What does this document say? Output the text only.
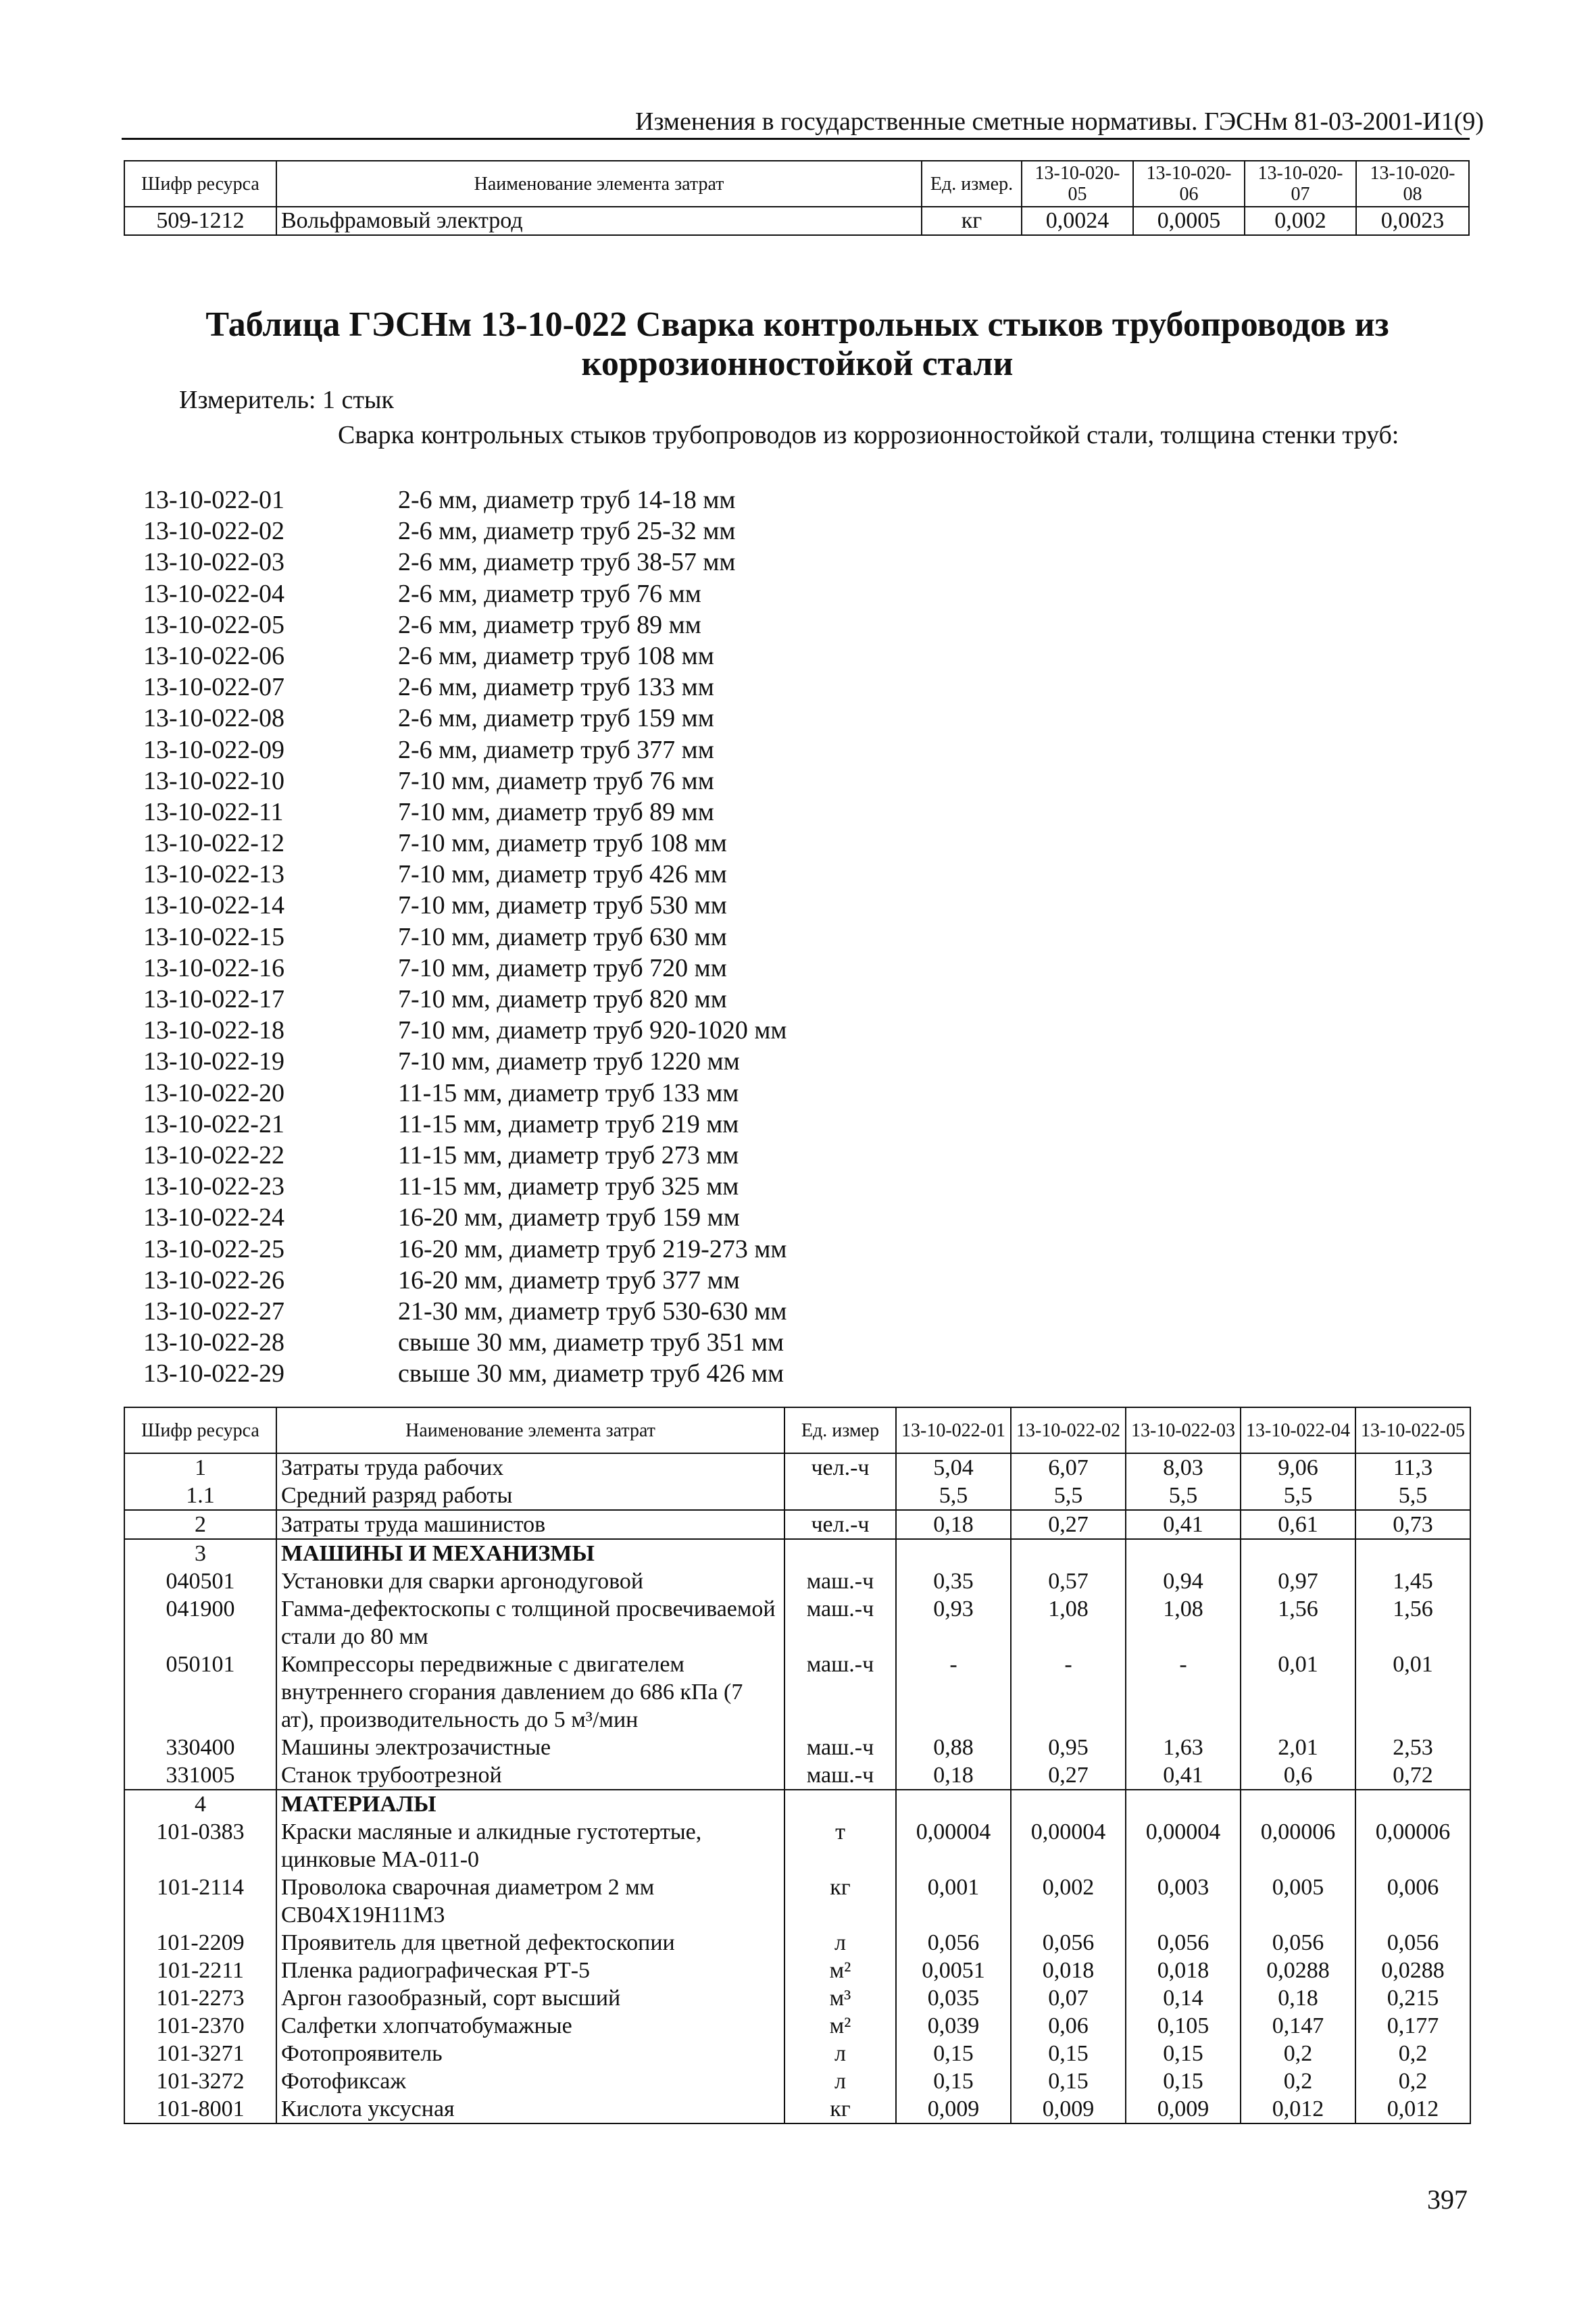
Изменения в государственные сметные нормативы. ГЭСНм 81-03-2001-И1(9)
Шифр ресурса	Наименование элемента затрат	Ед. измер.	13-10-020-05	13-10-020-06	13-10-020-07	13-10-020-08
509-1212	Вольфрамовый электрод	кг	0,0024	0,0005	0,002	0,0023
Таблица ГЭСНм 13-10-022 Сварка контрольных стыков трубопроводов из
коррозионностойкой стали
Измеритель: 1 стык
Сварка контрольных стыков трубопроводов из коррозионностойкой стали, толщина стенки труб:
13-10-022-01	2-6 мм, диаметр труб 14-18 мм
13-10-022-02	2-6 мм, диаметр труб 25-32 мм
13-10-022-03	2-6 мм, диаметр труб 38-57 мм
13-10-022-04	2-6 мм, диаметр труб 76 мм
13-10-022-05	2-6 мм, диаметр труб 89 мм
13-10-022-06	2-6 мм, диаметр труб 108 мм
13-10-022-07	2-6 мм, диаметр труб 133 мм
13-10-022-08	2-6 мм, диаметр труб 159 мм
13-10-022-09	2-6 мм, диаметр труб 377 мм
13-10-022-10	7-10 мм, диаметр труб 76 мм
13-10-022-11	7-10 мм, диаметр труб 89 мм
13-10-022-12	7-10 мм, диаметр труб 108 мм
13-10-022-13	7-10 мм, диаметр труб 426 мм
13-10-022-14	7-10 мм, диаметр труб 530 мм
13-10-022-15	7-10 мм, диаметр труб 630 мм
13-10-022-16	7-10 мм, диаметр труб 720 мм
13-10-022-17	7-10 мм, диаметр труб 820 мм
13-10-022-18	7-10 мм, диаметр труб 920-1020 мм
13-10-022-19	7-10 мм, диаметр труб 1220 мм
13-10-022-20	11-15 мм, диаметр труб 133 мм
13-10-022-21	11-15 мм, диаметр труб 219 мм
13-10-022-22	11-15 мм, диаметр труб 273 мм
13-10-022-23	11-15 мм, диаметр труб 325 мм
13-10-022-24	16-20 мм, диаметр труб 159 мм
13-10-022-25	16-20 мм, диаметр труб 219-273 мм
13-10-022-26	16-20 мм, диаметр труб 377 мм
13-10-022-27	21-30 мм, диаметр труб 530-630 мм
13-10-022-28	свыше 30 мм, диаметр труб 351 мм
13-10-022-29	свыше 30 мм, диаметр труб 426 мм
Шифр ресурса	Наименование элемента затрат	Ед. измер	13-10-022-01	13-10-022-02	13-10-022-03	13-10-022-04	13-10-022-05
1	Затраты труда рабочих	чел.-ч	5,04	6,07	8,03	9,06	11,3
1.1	Средний разряд работы		5,5	5,5	5,5	5,5	5,5
2	Затраты труда машинистов	чел.-ч	0,18	0,27	0,41	0,61	0,73
3	МАШИНЫ И МЕХАНИЗМЫ						
040501	Установки для сварки аргонодуговой	маш.-ч	0,35	0,57	0,94	0,97	1,45
041900	Гамма-дефектоскопы с толщиной просвечиваемой стали до 80 мм	маш.-ч	0,93	1,08	1,08	1,56	1,56
050101	Компрессоры передвижные с двигателем внутреннего сгорания давлением до 686 кПа (7 ат), производительность до 5 м³/мин	маш.-ч	-	-	-	0,01	0,01
330400	Машины электрозачистные	маш.-ч	0,88	0,95	1,63	2,01	2,53
331005	Станок трубоотрезной	маш.-ч	0,18	0,27	0,41	0,6	0,72
4	МАТЕРИАЛЫ						
101-0383	Краски масляные и алкидные густотертые, цинковые МА-011-0	т	0,00004	0,00004	0,00004	0,00006	0,00006
101-2114	Проволока сварочная диаметром 2 мм СВ04Х19Н11М3	кг	0,001	0,002	0,003	0,005	0,006
101-2209	Проявитель для цветной дефектоскопии	л	0,056	0,056	0,056	0,056	0,056
101-2211	Пленка радиографическая РТ-5	м²	0,0051	0,018	0,018	0,0288	0,0288
101-2273	Аргон газообразный, сорт высший	м³	0,035	0,07	0,14	0,18	0,215
101-2370	Салфетки хлопчатобумажные	м²	0,039	0,06	0,105	0,147	0,177
101-3271	Фотопроявитель	л	0,15	0,15	0,15	0,2	0,2
101-3272	Фотофиксаж	л	0,15	0,15	0,15	0,2	0,2
101-8001	Кислота уксусная	кг	0,009	0,009	0,009	0,012	0,012
397
